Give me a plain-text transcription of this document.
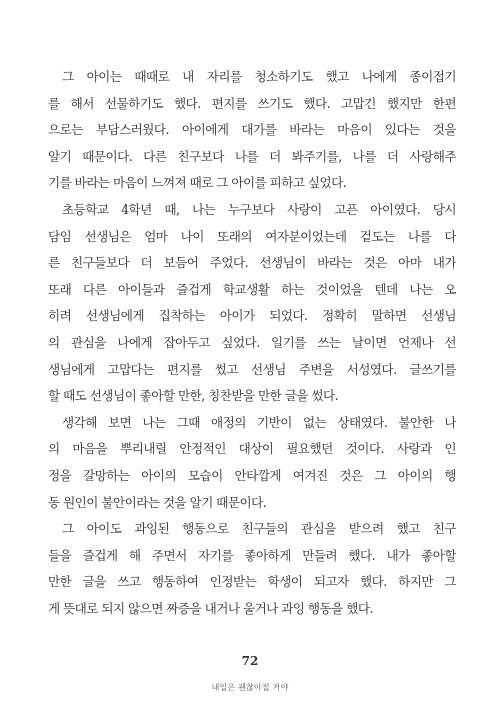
그 아이는 때때로 내 자리를 청소하기도 했고 나에게 종이접기
를 해서 선물하기도 했다. 편지를 쓰기도 했다. 고맙긴 했지만 한편
으로는 부담스러웠다. 아이에게 대가를 바라는 마음이 있다는 것을
알기 때문이다. 다른 친구보다 나를 더 봐주기를, 나를 더 사랑해주
기를 바라는 마음이 느껴져 때로 그 아이를 피하고 싶었다.
초등학교 4학년 때, 나는 누구보다 사랑이 고픈 아이였다. 당시
담임 선생님은 엄마 나이 또래의 여자분이었는데 겉도는 나를 다
른 친구들보다 더 보듬어 주었다. 선생님이 바라는 것은 아마 내가
또래 다른 아이들과 즐겁게 학교생활 하는 것이었을 텐데 나는 오
히려 선생님에게 집착하는 아이가 되었다. 정확히 말하면 선생님
의 관심을 나에게 잡아두고 싶었다. 일기를 쓰는 날이면 언제나 선
생님에게 고맙다는 편지를 썼고 선생님 주변을 서성였다. 글쓰기를
할 때도 선생님이 좋아할 만한, 칭찬받을 만한 글을 썼다.
생각해 보면 나는 그때 애정의 기반이 없는 상태였다. 불안한 나
의 마음을 뿌리내릴 안정적인 대상이 필요했던 것이다. 사랑과 인
정을 갈망하는 아이의 모습이 안타깝게 여겨진 것은 그 아이의 행
동 원인이 불안이라는 것을 알기 때문이다.
그 아이도 과잉된 행동으로 친구들의 관심을 받으려 했고 친구
들을 즐겁게 해 주면서 자기를 좋아하게 만들려 했다. 내가 좋아할
만한 글을 쓰고 행동하여 인정받는 학생이 되고자 했다. 하지만 그
게 뜻대로 되지 않으면 짜증을 내거나 울거나 과잉 행동을 했다.
72
내일은 괜찮아질 거야
